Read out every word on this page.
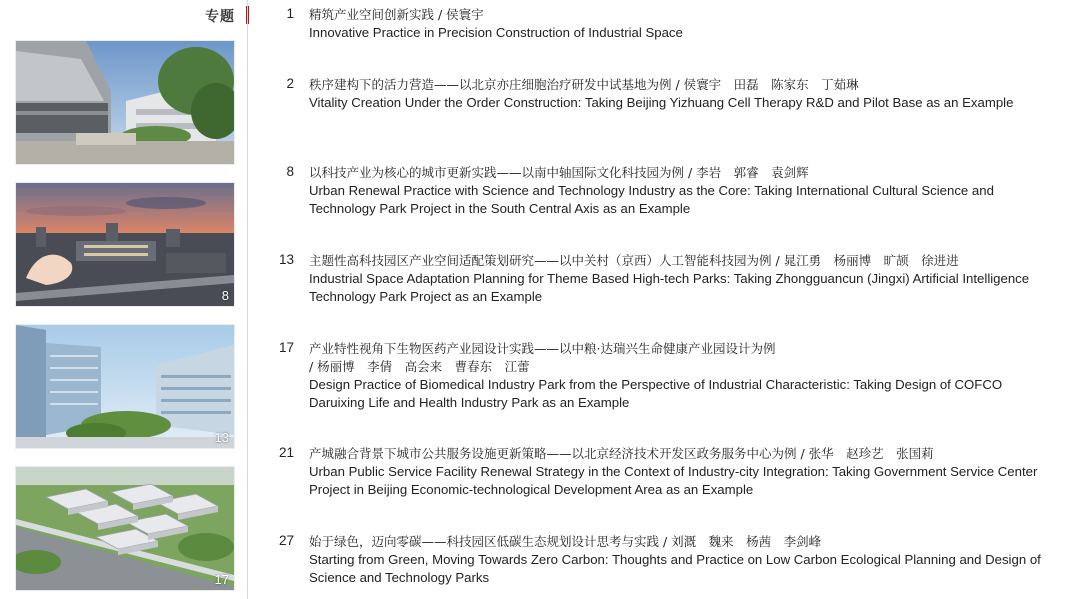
专题
8
13
17
1 精筑产业空间创新实践 / 侯寰宇
Innovative Practice in Precision Construction of Industrial Space
2 秩序建构下的活力营造——以北京亦庄细胞治疗研发中试基地为例 / 侯寰宇　田磊　陈家东　丁茹琳
Vitality Creation Under the Order Construction: Taking Beijing Yizhuang Cell Therapy R&D and Pilot Base as an Example
8 以科技产业为核心的城市更新实践——以南中轴国际文化科技园为例 / 李岩　郭睿　袁剑辉
Urban Renewal Practice with Science and Technology Industry as the Core: Taking International Cultural Science and Technology Park Project in the South Central Axis as an Example
13 主题性高科技园区产业空间适配策划研究——以中关村（京西）人工智能科技园为例 / 晁江勇　杨丽博　旷颉　徐进进
Industrial Space Adaptation Planning for Theme Based High-tech Parks: Taking Zhongguancun (Jingxi) Artificial Intelligence Technology Park Project as an Example
17 产业特性视角下生物医药产业园设计实践——以中粮·达瑞兴生命健康产业园设计为例
/ 杨丽博　李倩　高会来　曹春东　江蕾
Design Practice of Biomedical Industry Park from the Perspective of Industrial Characteristic: Taking Design of COFCO Daruixing Life and Health Industry Park as an Example
21 产城融合背景下城市公共服务设施更新策略——以北京经济技术开发区政务服务中心为例 / 张华　赵珍艺　张国莉
Urban Public Service Facility Renewal Strategy in the Context of Industry-city Integration: Taking Government Service Center Project in Beijing Economic-technological Development Area as an Example
27 始于绿色，迈向零碳——科技园区低碳生态规划设计思考与实践 / 刘溉　魏来　杨茜　李剑峰
Starting from Green, Moving Towards Zero Carbon: Thoughts and Practice on Low Carbon Ecological Planning and Design of Science and Technology Parks
